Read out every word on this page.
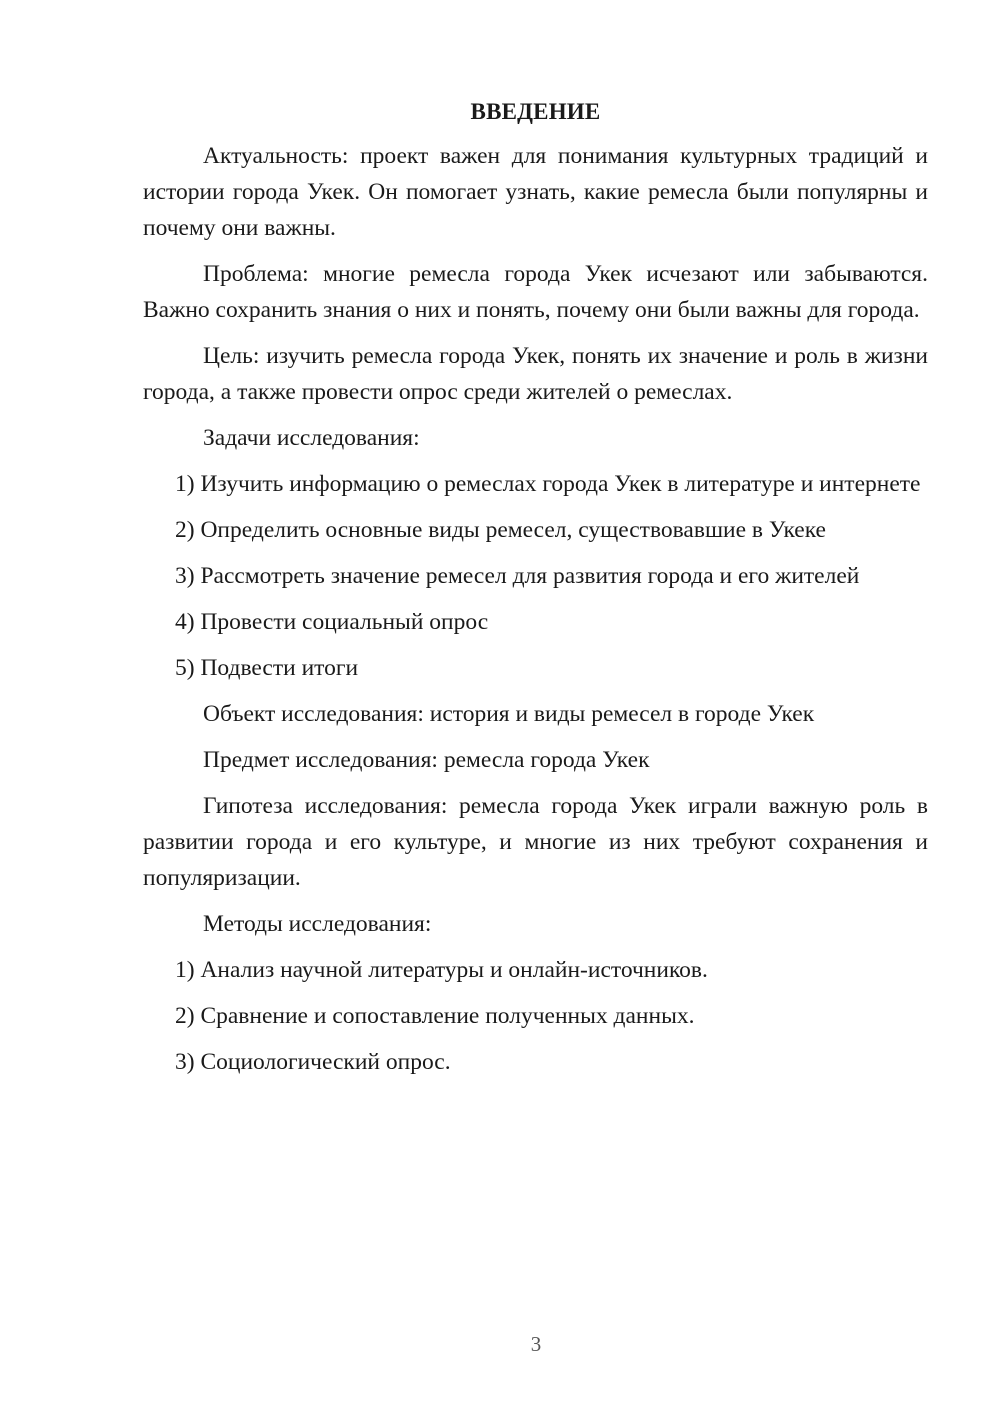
ВВЕДЕНИЕ

Актуальность: проект важен для понимания культурных традиций и истории города Укек. Он помогает узнать, какие ремесла были популярны и почему они важны.

Проблема: многие ремесла города Укек исчезают или забываются. Важно сохранить знания о них и понять, почему они были важны для города.

Цель: изучить ремесла города Укек, понять их значение и роль в жизни города, а также провести опрос среди жителей о ремеслах.

Задачи исследования:

1) Изучить информацию о ремеслах города Укек в литературе и интернете

2) Определить основные виды ремесел, существовавшие в Укеке

3) Рассмотреть значение ремесел для развития города и его жителей

4) Провести социальный опрос

5) Подвести итоги

Объект исследования: история и виды ремесел в городе Укек

Предмет исследования: ремесла города Укек

Гипотеза исследования: ремесла города Укек играли важную роль в развитии города и его культуре, и многие из них требуют сохранения и популяризации.

Методы исследования:

1) Анализ научной литературы и онлайн-источников.

2) Сравнение и сопоставление полученных данных.

3) Социологический опрос.

3
